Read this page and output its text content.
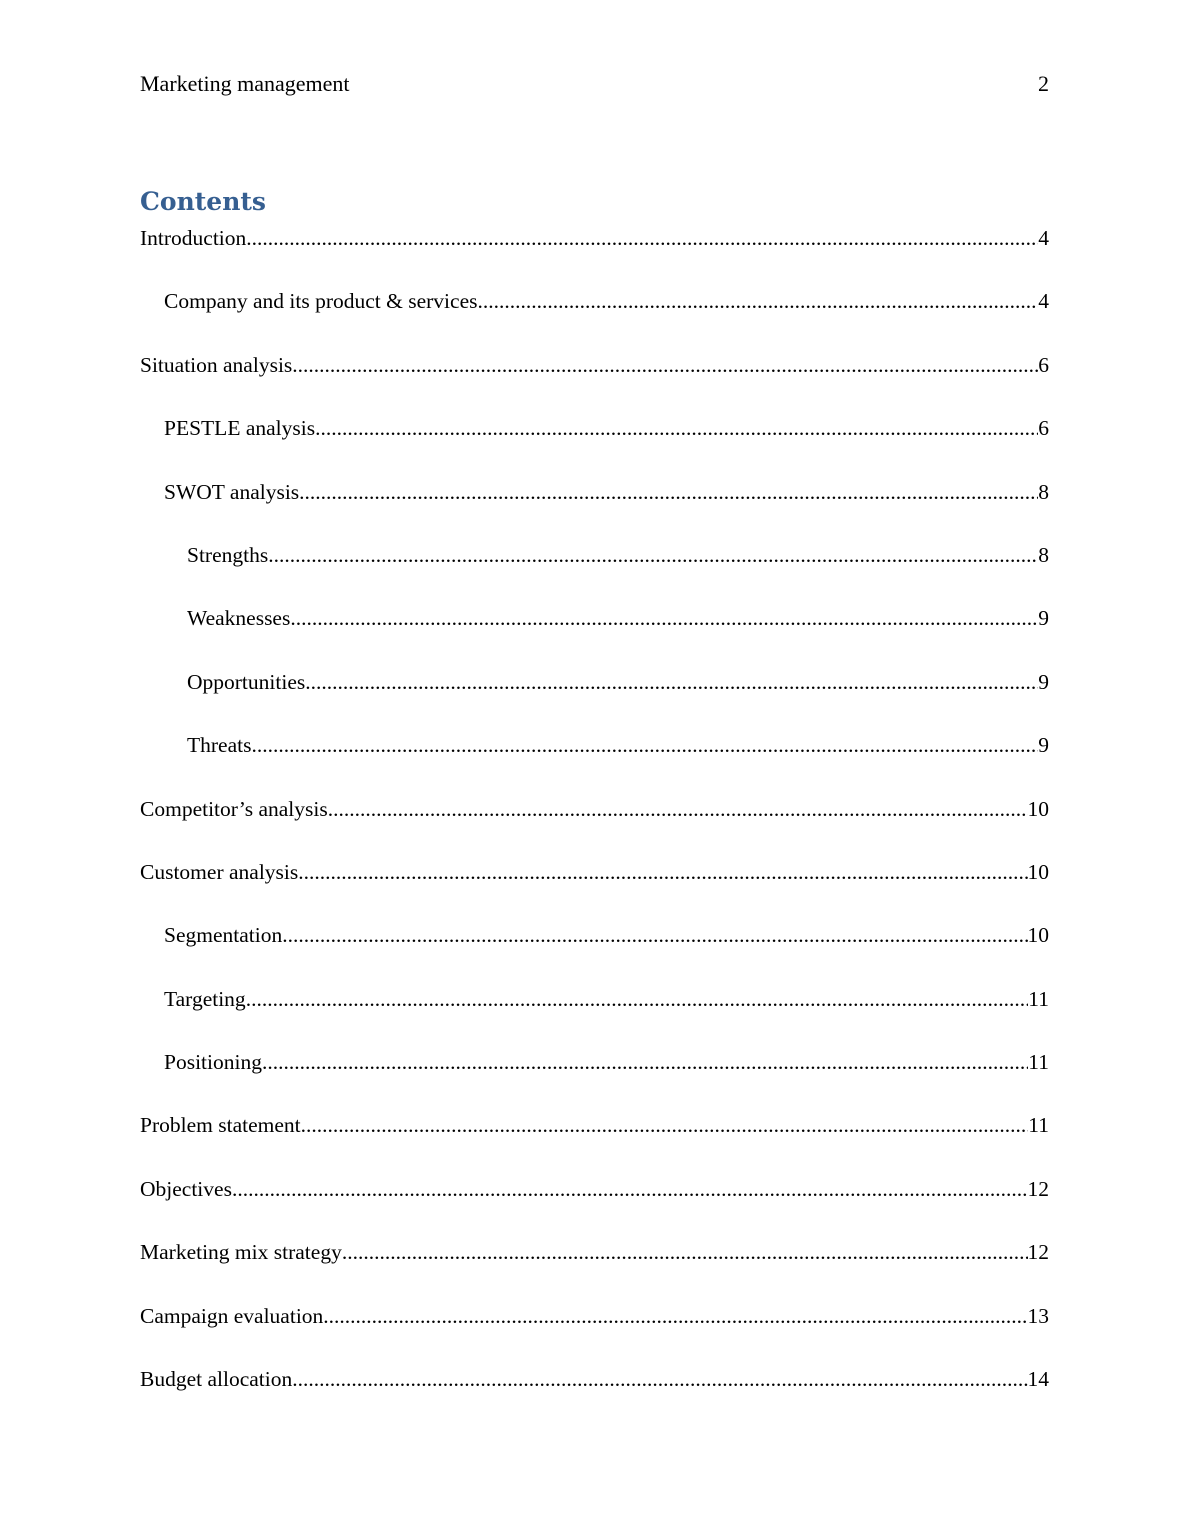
Marketing management	2
Contents
Introduction .....	4
Company and its product & services .....	4
Situation analysis .....	6
PESTLE analysis .....	6
SWOT analysis .....	8
Strengths .....	8
Weaknesses .....	9
Opportunities .....	9
Threats .....	9
Competitor’s analysis .....	10
Customer analysis .....	10
Segmentation .....	10
Targeting .....	11
Positioning .....	11
Problem statement .....	11
Objectives .....	12
Marketing mix strategy .....	12
Campaign evaluation .....	13
Budget allocation .....	14
